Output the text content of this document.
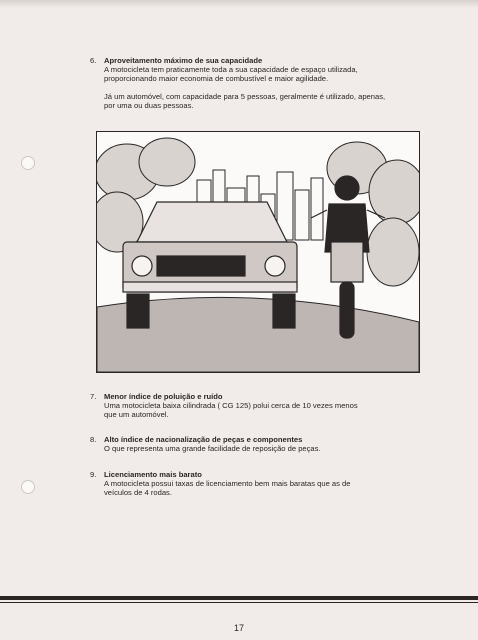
6.	Aproveitamento máximo de sua capacidade
A motocicleta tem praticamente toda a sua capacidade de espaço utilizada,
proporcionando maior economia de combustível e maior agilidade.
Já um automóvel, com capacidade para 5 pessoas, geralmente é utilizado, apenas,
por uma ou duas pessoas.
7.	Menor índice de poluição e ruído
Uma motocicleta baixa cilindrada ( CG 125) polui cerca de 10 vezes menos
que um automóvel.
8.	Alto índice de nacionalização de peças e componentes
O que representa uma grande facilidade de reposição de peças.
9.	Licenciamento mais barato
A motocicleta possui taxas de licenciamento bem mais baratas que as de
veículos de 4 rodas.
17
